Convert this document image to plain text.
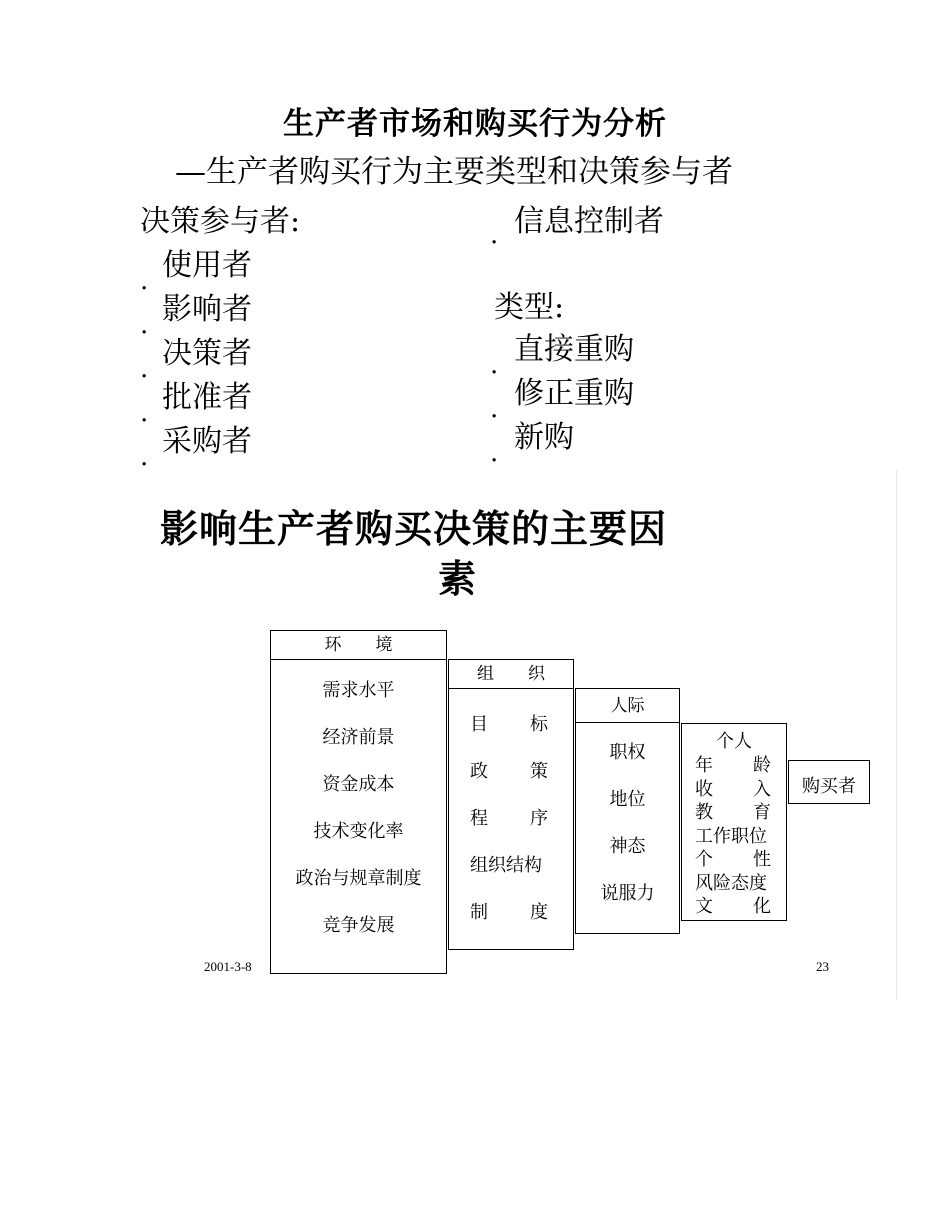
生产者市场和购买行为分析
—生产者购买行为主要类型和决策参与者
决策参与者:
. 使用者
. 影响者
. 决策者
. 批准者
. 采购者
. 信息控制者
类型:
. 直接重购
. 修正重购
. 新购
影响生产者购买决策的主要因
素
环　　境
需求水平
经济前景
资金成本
技术变化率
政治与规章制度
竞争发展
组　　织
目 标
政 策
程 序
组织结构
制 度
人际
职权
地位
神态
说服力
个人
年 龄
收 入
教 育
工作职位
个 性
风险态度
文 化
购买者
2001-3-8	23
